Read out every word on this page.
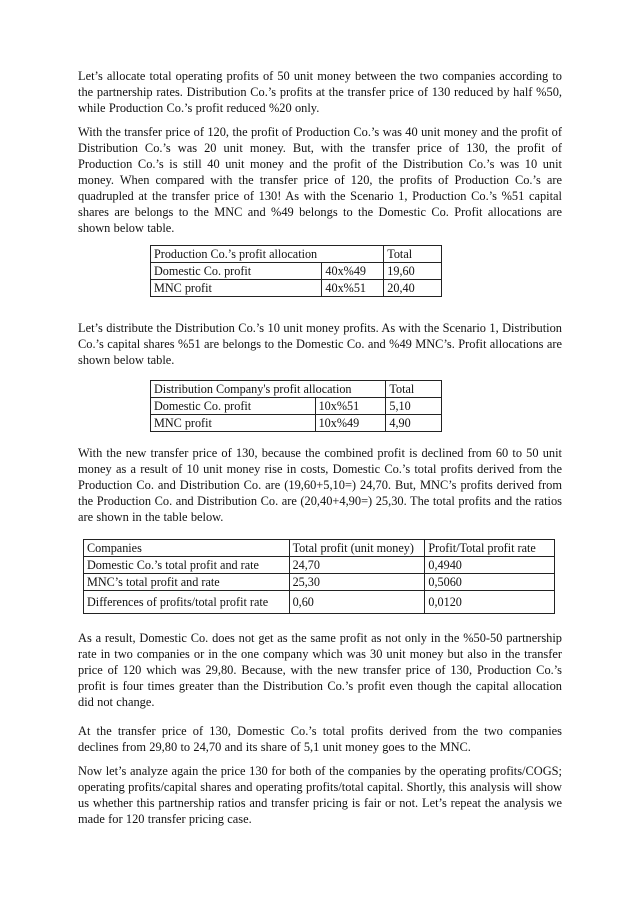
Let’s allocate total operating profits of 50 unit money between the two companies according to the partnership rates. Distribution Co.’s profits at the transfer price of 130 reduced by half %50, while Production Co.’s profit reduced %20 only.

With the transfer price of 120, the profit of Production Co.’s was 40 unit money and the profit of Distribution Co.’s was 20 unit money. But, with the transfer price of 130, the profit of Production Co.’s is still 40 unit money and the profit of the Distribution Co.’s was 10 unit money. When compared with the transfer price of 120, the profits of Production Co.’s are quadrupled at the transfer price of 130! As with the Scenario 1, Production Co.’s %51 capital shares are belongs to the MNC and %49 belongs to the Domestic Co. Profit allocations are shown below table.

Production Co.’s profit allocation		Total
Domestic Co. profit	40x%49	19,60
MNC profit	40x%51	20,40

Let’s distribute the Distribution Co.’s 10 unit money profits. As with the Scenario 1, Distribution Co.’s capital shares %51 are belongs to the Domestic Co. and %49 MNC’s. Profit allocations are shown below table.

Distribution Company's profit allocation		Total
Domestic Co. profit	10x%51	5,10
MNC profit	10x%49	4,90

With the new transfer price of 130, because the combined profit is declined from 60 to 50 unit money as a result of 10 unit money rise in costs, Domestic Co.’s total profits derived from the Production Co. and Distribution Co. are (19,60+5,10=) 24,70. But, MNC’s profits derived from the Production Co. and Distribution Co. are (20,40+4,90=) 25,30. The total profits and the ratios are shown in the table below.

Companies	Total profit (unit money)	Profit/Total profit rate
Domestic Co.’s total profit and rate	24,70	0,4940
MNC’s total profit and rate	25,30	0,5060
Differences of profits/total profit rate	0,60	0,0120

As a result, Domestic Co. does not get as the same profit as not only in the %50-50 partnership rate in two companies or in the one company which was 30 unit money but also in the transfer price of 120 which was 29,80. Because, with the new transfer price of 130, Production Co.’s profit is four times greater than the Distribution Co.’s profit even though the capital allocation did not change.

At the transfer price of 130, Domestic Co.’s total profits derived from the two companies declines from 29,80 to 24,70 and its share of 5,1 unit money goes to the MNC.

Now let’s analyze again the price 130 for both of the companies by the operating profits/COGS; operating profits/capital shares and operating profits/total capital. Shortly, this analysis will show us whether this partnership ratios and transfer pricing is fair or not. Let’s repeat the analysis we made for 120 transfer pricing case.
